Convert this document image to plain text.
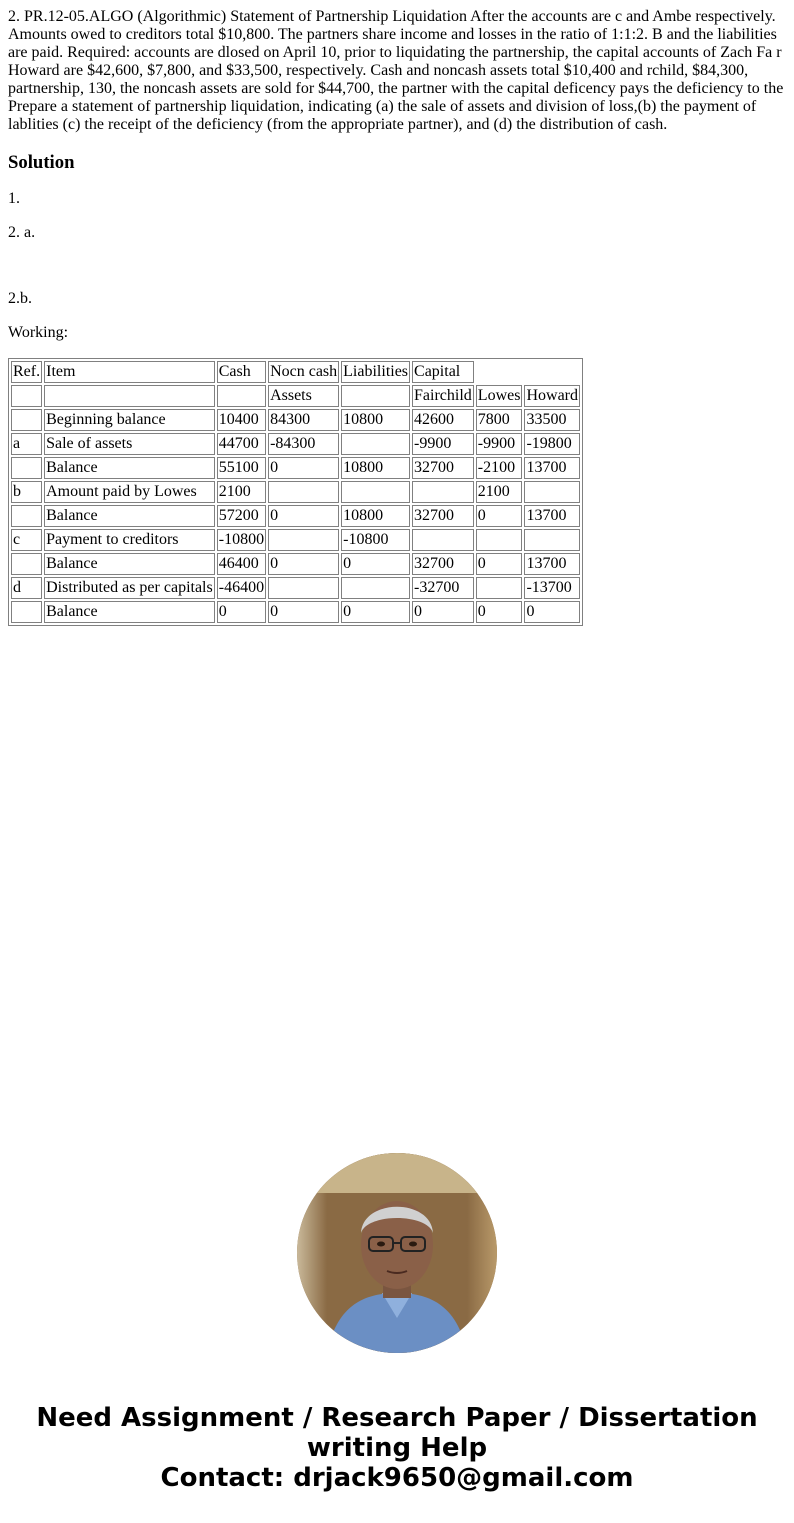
2. PR.12-05.ALGO (Algorithmic) Statement of Partnership Liquidation After the accounts are c and Ambe respectively. Amounts owed to creditors total $10,800. The partners share income and losses in the ratio of 1:1:2. B and the liabilities are paid. Required: accounts are dlosed on April 10, prior to liquidating the partnership, the capital accounts of Zach Fa r Howard are $42,600, $7,800, and $33,500, respectively. Cash and noncash assets total $10,400 and rchild, $84,300, partnership, 130, the noncash assets are sold for $44,700, the partner with the capital deficency pays the deficiency to the Prepare a statement of partnership liquidation, indicating (a) the sale of assets and division of loss,(b) the payment of lablities (c) the receipt of the deficiency (from the appropriate partner), and (d) the distribution of cash.

Solution

1.

2. a.

2.b.

Working:

Ref.	Item	Cash	Nocn cash	Liabilities	Capital		
			Assets		Fairchild	Lowes	Howard
	Beginning balance	10400	84300	10800	42600	7800	33500
a	Sale of assets	44700	-84300		-9900	-9900	-19800
	Balance	55100	0	10800	32700	-2100	13700
b	Amount paid by Lowes	2100				2100	
	Balance	57200	0	10800	32700	0	13700
c	Payment to creditors	-10800		-10800			
	Balance	46400	0	0	32700	0	13700
d	Distributed as per capitals	-46400			-32700		-13700
	Balance	0	0	0	0	0	0
Need Assignment / Research Paper / Dissertation
writing Help
Contact: drjack9650@gmail.com
